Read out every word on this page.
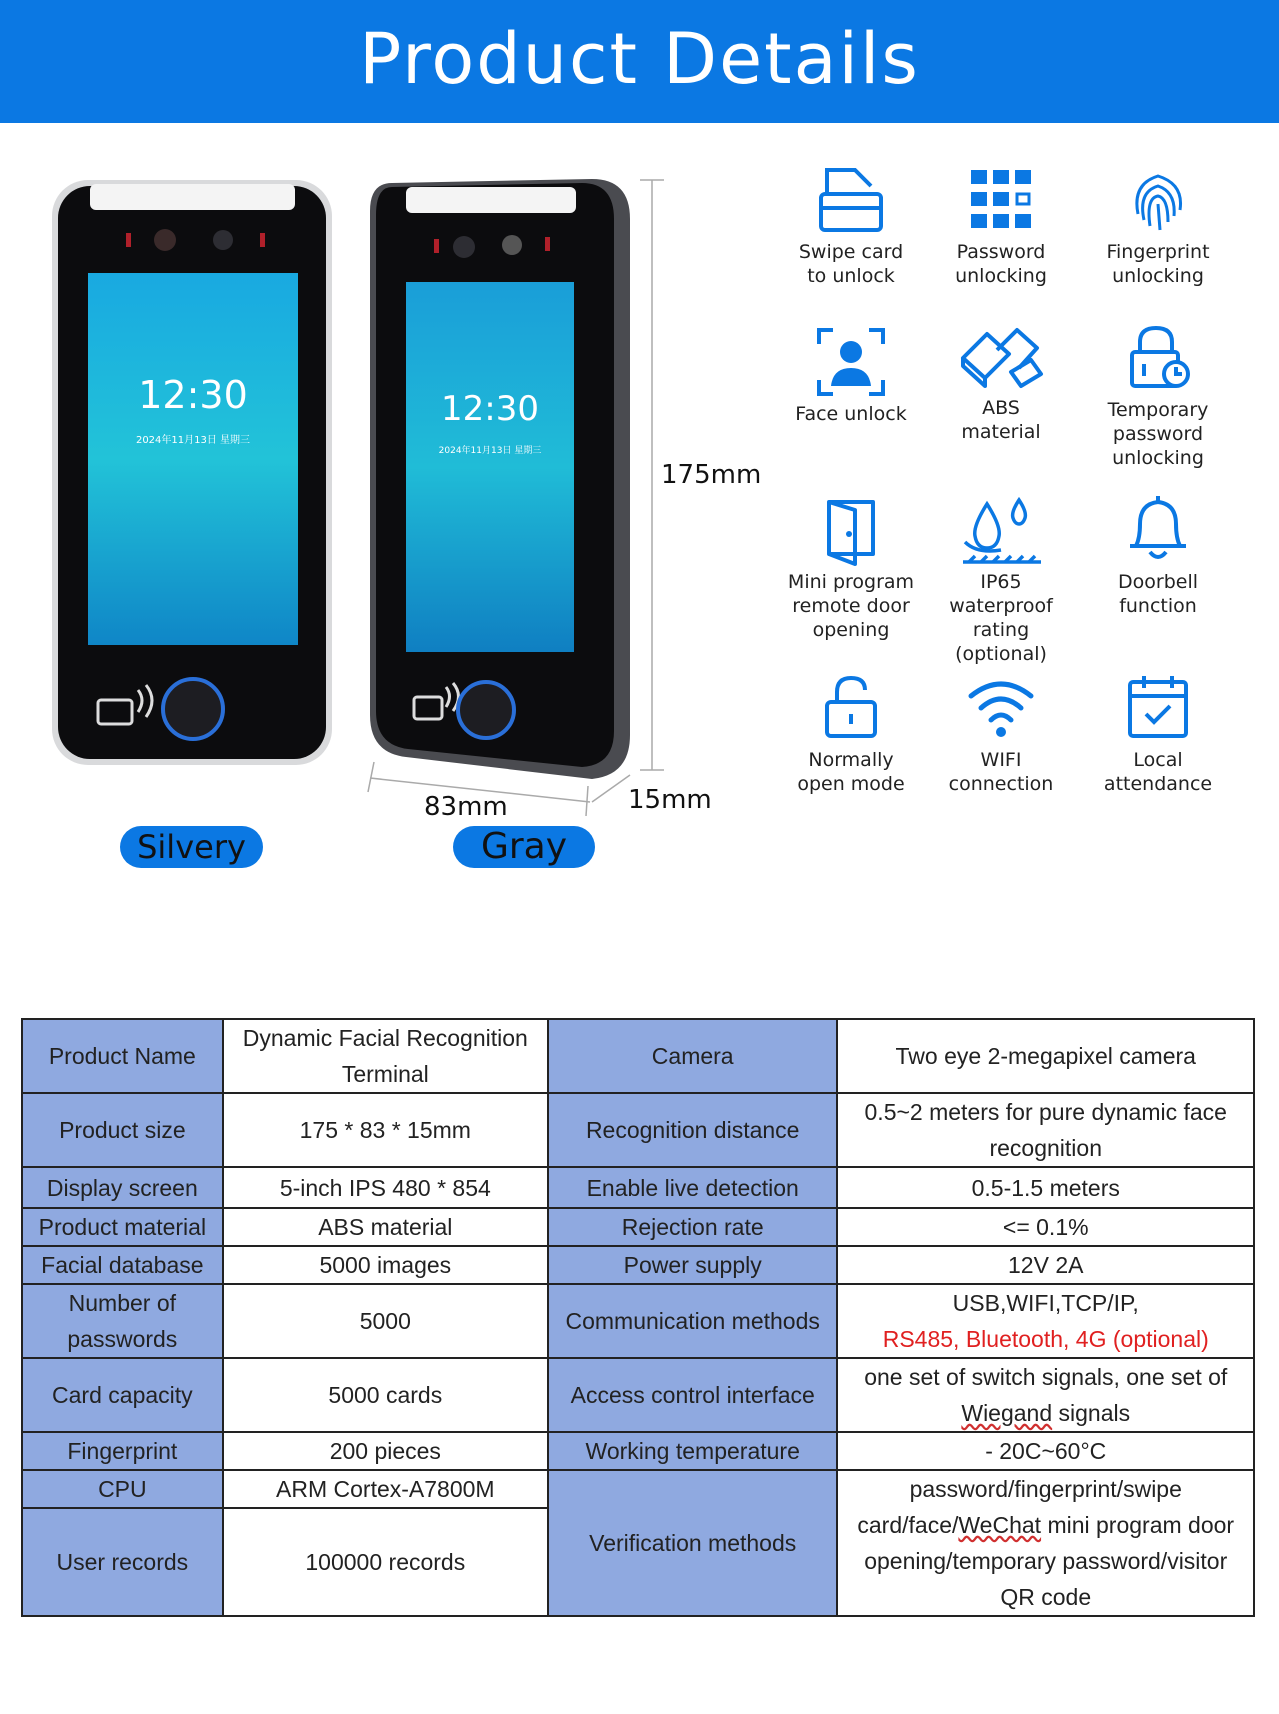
Product Details
12:30
2024年11月13日 星期三
Silvery
12:30
2024年11月13日 星期三
Gray
175mm
83mm	15mm
Swipe card
to unlock
Password
unlocking
Fingerprint
unlocking
Face unlock	ABS
material
Temporary
password
unlocking
Mini program
remote door
opening
IP65
waterproof
rating
(optional)
Doorbell
function
Normally
open mode
WIFI
connection
Local
attendance
Product Name	Dynamic Facial Recognition Terminal	Camera	Two eye 2-megapixel camera
Product size	175 * 83 * 15mm	Recognition distance	0.5~2 meters for pure dynamic face recognition
Display screen	5-inch IPS 480 * 854	Enable live detection	0.5-1.5 meters
Product material	ABS material	Rejection rate	<= 0.1%
Facial database	5000 images	Power supply	12V 2A
Number of passwords	5000	Communication methods	USB,WIFI,TCP/IP,
RS485, Bluetooth, 4G (optional)

Card capacity	5000 cards	Access control interface	one set of switch signals, one set of Wiegand signals
Fingerprint	200 pieces	Working temperature	- 20C~60°C
CPU	ARM Cortex-A7800M	Verification methods	password/fingerprint/swipe card/face/WeChat mini program door opening/temporary password/visitor QR code
User records	100000 records		
